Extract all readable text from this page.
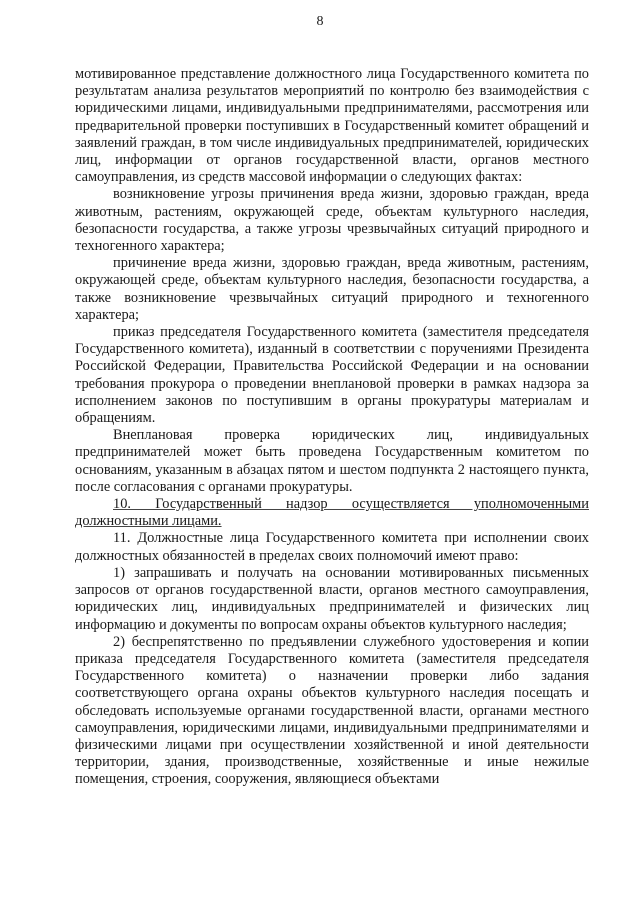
8

мотивированное представление должностного лица Государственного комитета по результатам анализа результатов мероприятий по контролю без взаимодействия с юридическими лицами, индивидуальными предпринимателями, рассмотрения или предварительной проверки поступивших в Государственный комитет обращений и заявлений граждан, в том числе индивидуальных предпринимателей, юридических лиц, информации от органов государственной власти, органов местного самоуправления, из средств массовой информации о следующих фактах:

возникновение угрозы причинения вреда жизни, здоровью граждан, вреда животным, растениям, окружающей среде, объектам культурного наследия, безопасности государства, а также угрозы чрезвычайных ситуаций природного и техногенного характера;

причинение вреда жизни, здоровью граждан, вреда животным, растениям, окружающей среде, объектам культурного наследия, безопасности государства, а также возникновение чрезвычайных ситуаций природного и техногенного характера;

приказ председателя Государственного комитета (заместителя председателя Государственного комитета), изданный в соответствии с поручениями Президента Российской Федерации, Правительства Российской Федерации и на основании требования прокурора о проведении внеплановой проверки в рамках надзора за исполнением законов по поступившим в органы прокуратуры материалам и обращениям.

Внеплановая проверка юридических лиц, индивидуальных предпринимателей может быть проведена Государственным комитетом по основаниям, указанным в абзацах пятом и шестом подпункта 2 настоящего пункта, после согласования с органами прокуратуры.

10. Государственный надзор осуществляется уполномоченными должностными лицами.

11. Должностные лица Государственного комитета при исполнении своих должностных обязанностей в пределах своих полномочий имеют право:

1) запрашивать и получать на основании мотивированных письменных запросов от органов государственной власти, органов местного самоуправления, юридических лиц, индивидуальных предпринимателей и физических лиц информацию и документы по вопросам охраны объектов культурного наследия;

2) беспрепятственно по предъявлении служебного удостоверения и копии приказа председателя Государственного комитета (заместителя председателя Государственного комитета) о назначении проверки либо задания соответствующего органа охраны объектов культурного наследия посещать и обследовать используемые органами государственной власти, органами местного самоуправления, юридическими лицами, индивидуальными предпринимателями и физическими лицами при осуществлении хозяйственной и иной деятельности территории, здания, производственные, хозяйственные и иные нежилые помещения, строения, сооружения, являющиеся объектами
